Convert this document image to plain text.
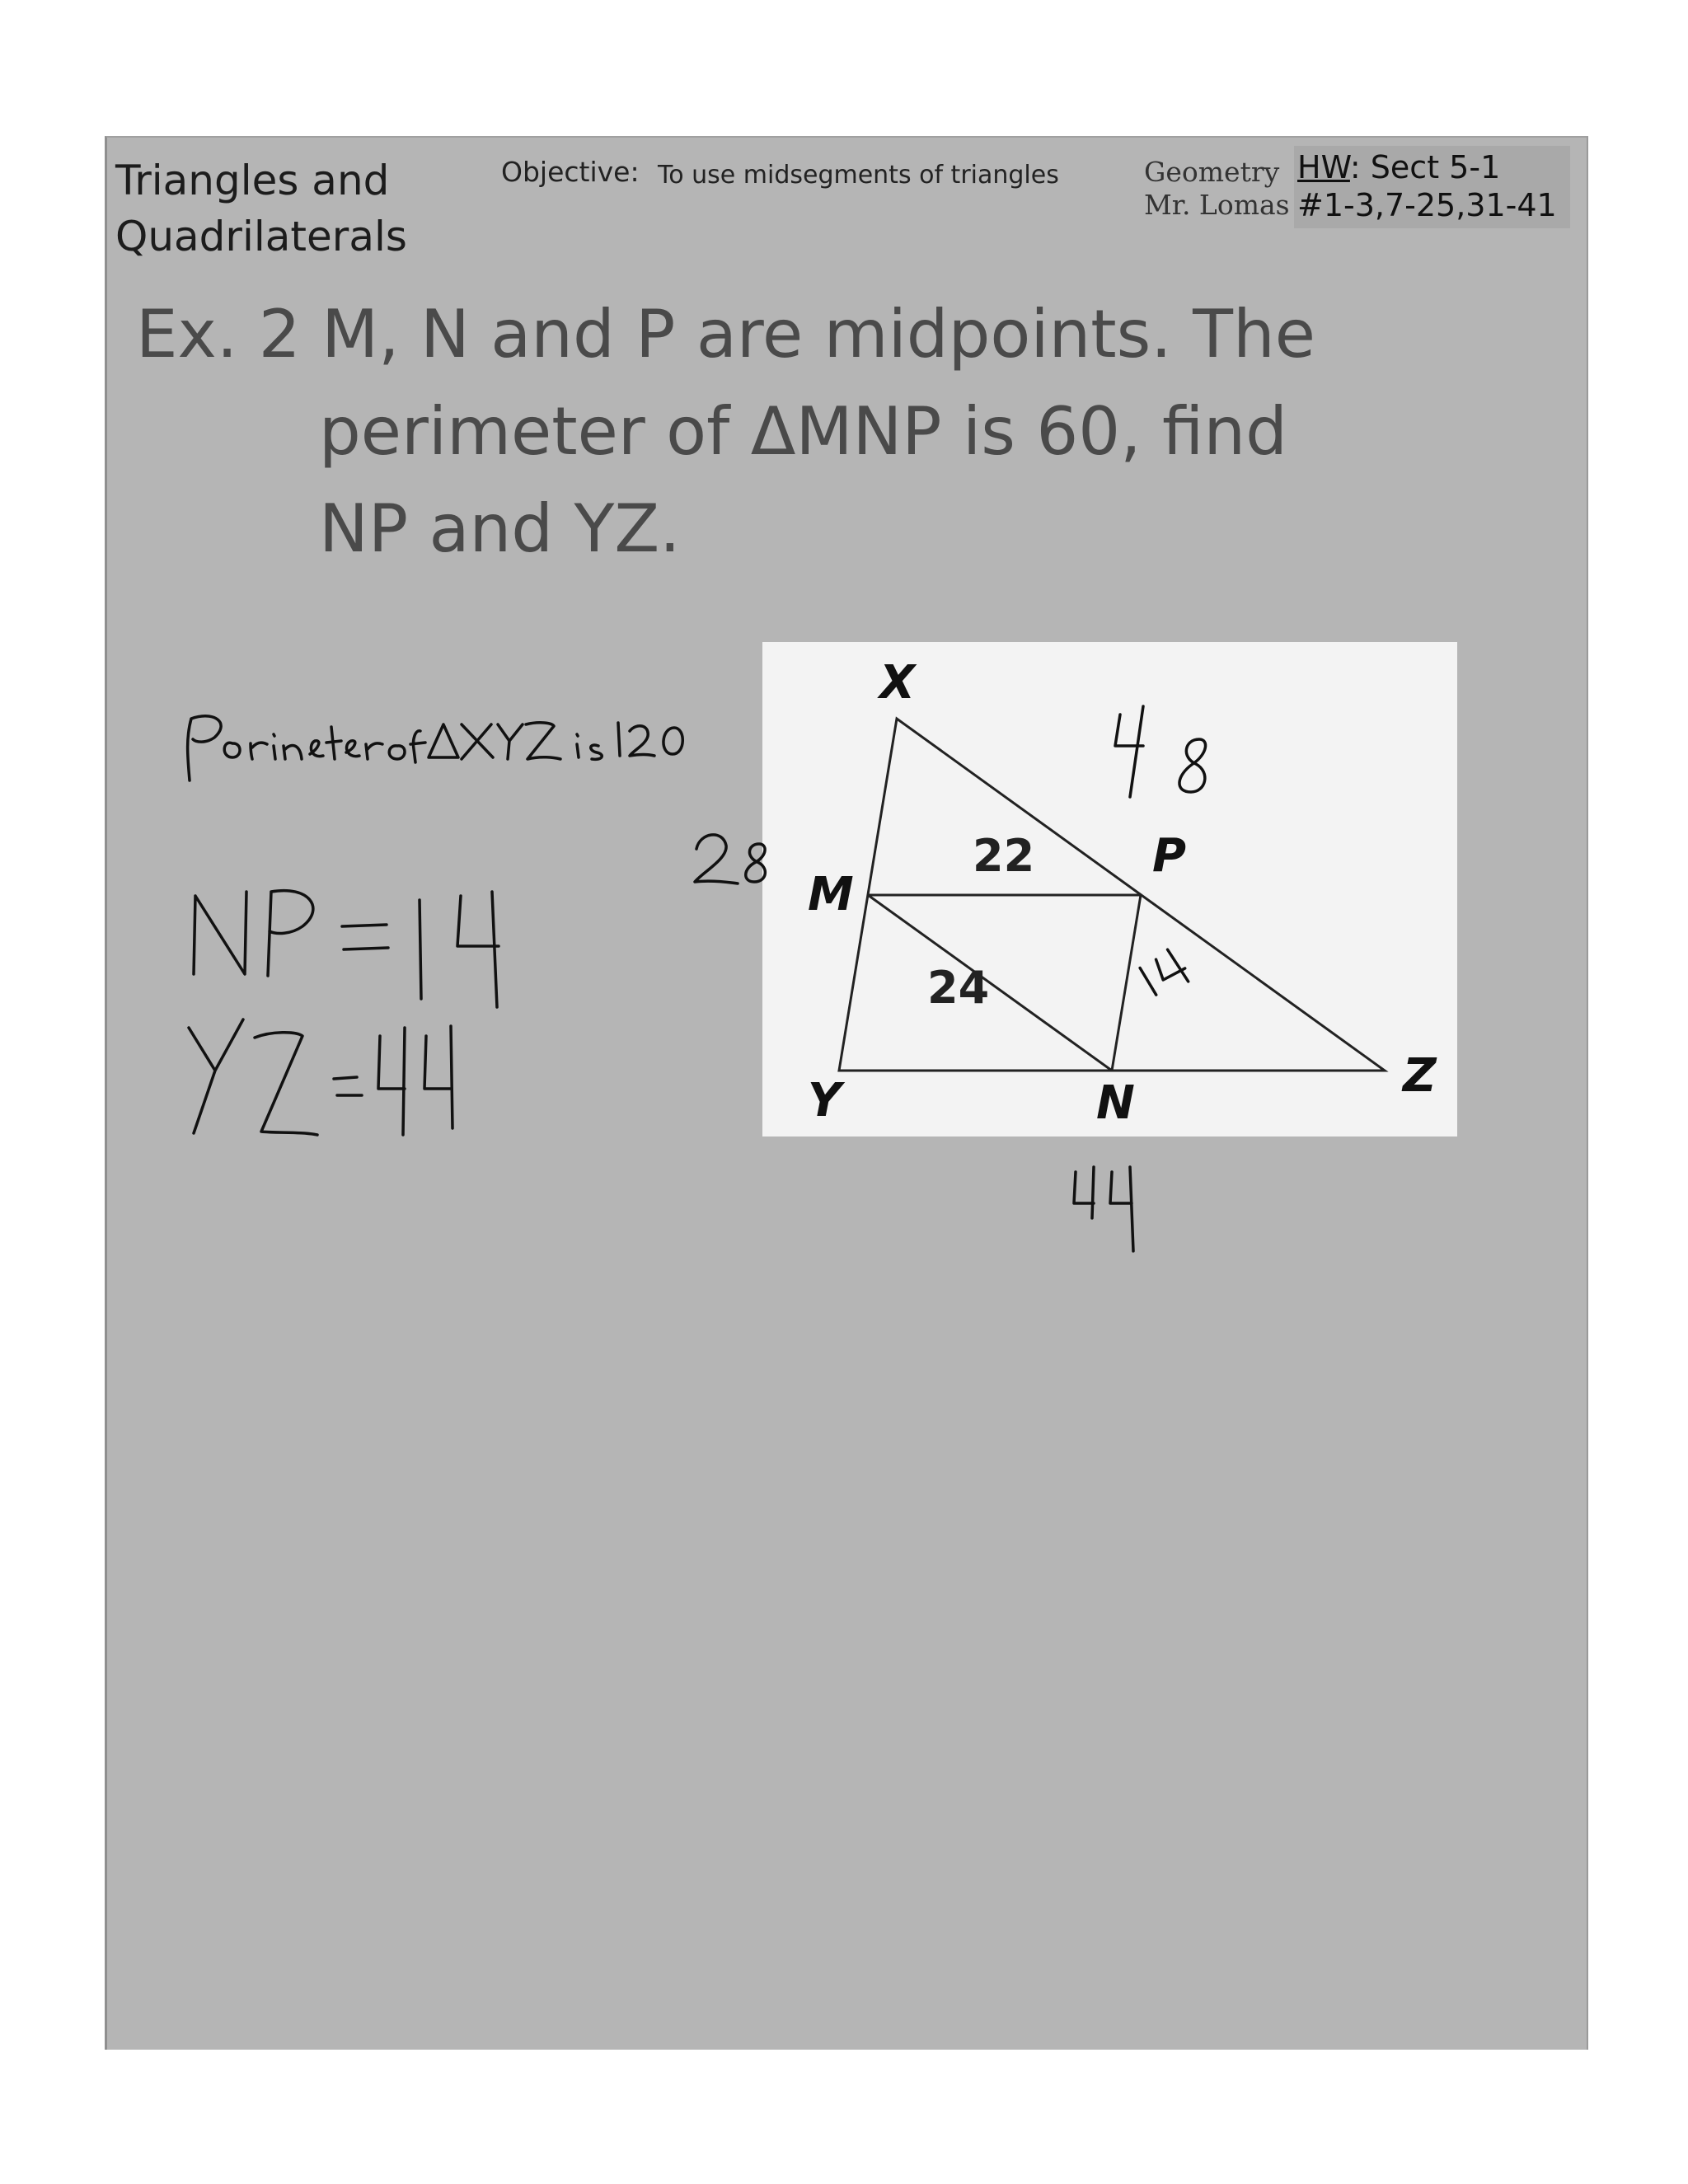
Triangles and
Quadrilaterals
Objective: To use midsegments of triangles	Geometry
Mr. Lomas
HW: Sect 5-1
#1-3,7-25,31-41
Ex. 2 M, N and P are midpoints. The
perimeter of ΔMNP is 60, find
NP and YZ.
X
Y	Z
M
N
P
22
24
